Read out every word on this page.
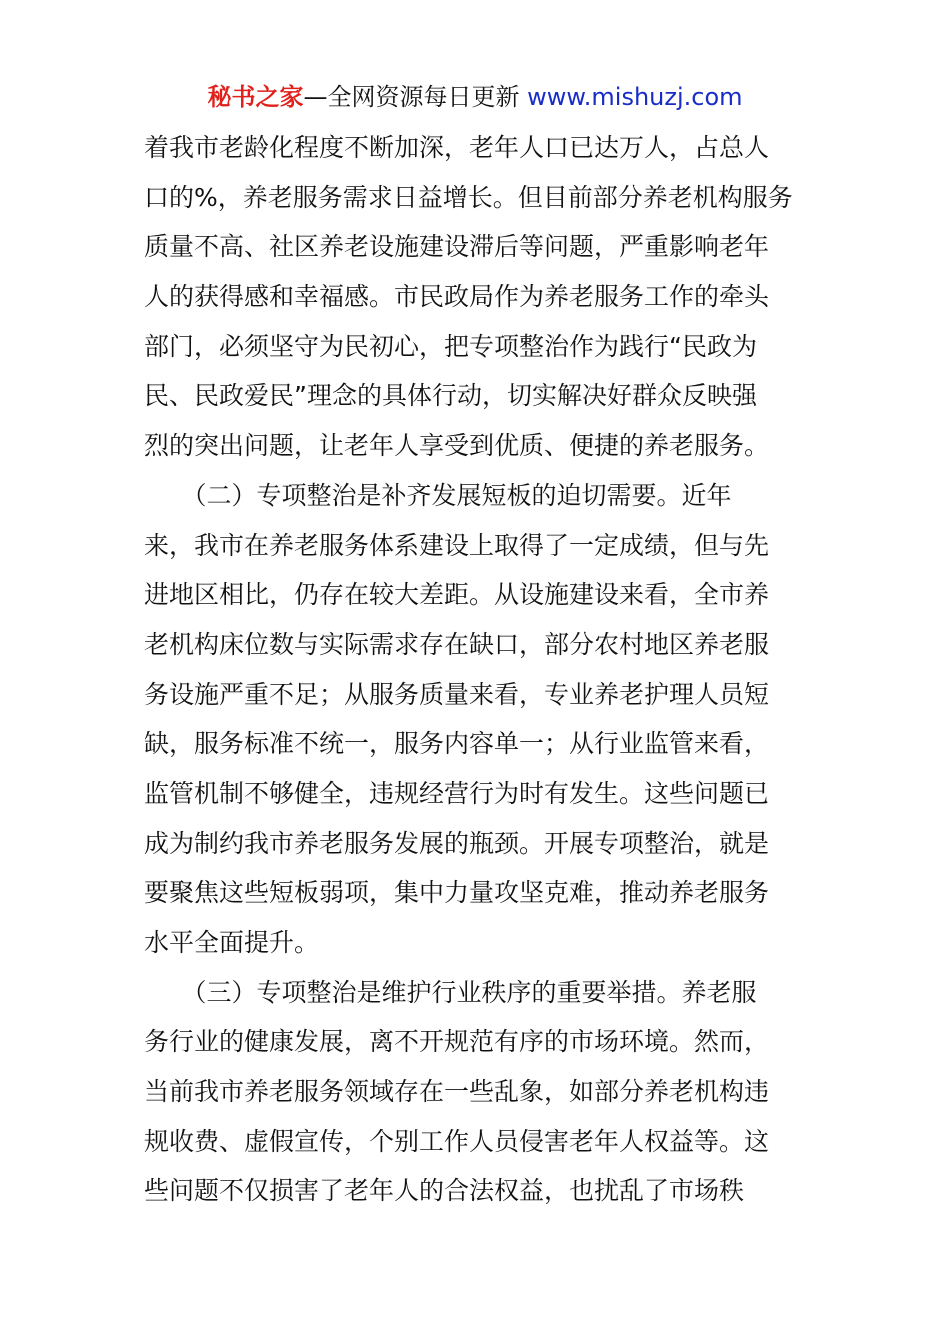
秘书之家—全网资源每日更新 www.mishuzj.com
着我市老龄化程度不断加深，老年人口已达万人，占总人
口的%，养老服务需求日益增长。但目前部分养老机构服务
质量不高、社区养老设施建设滞后等问题，严重影响老年
人的获得感和幸福感。市民政局作为养老服务工作的牵头
部门，必须坚守为民初心，把专项整治作为践行“民政为
民、民政爱民”理念的具体行动，切实解决好群众反映强
烈的突出问题，让老年人享受到优质、便捷的养老服务。
　　（二）专项整治是补齐发展短板的迫切需要。近年
来，我市在养老服务体系建设上取得了一定成绩，但与先
进地区相比，仍存在较大差距。从设施建设来看，全市养
老机构床位数与实际需求存在缺口，部分农村地区养老服
务设施严重不足；从服务质量来看，专业养老护理人员短
缺，服务标准不统一，服务内容单一；从行业监管来看，
监管机制不够健全，违规经营行为时有发生。这些问题已
成为制约我市养老服务发展的瓶颈。开展专项整治，就是
要聚焦这些短板弱项，集中力量攻坚克难，推动养老服务
水平全面提升。
　　（三）专项整治是维护行业秩序的重要举措。养老服
务行业的健康发展，离不开规范有序的市场环境。然而，
当前我市养老服务领域存在一些乱象，如部分养老机构违
规收费、虚假宣传，个别工作人员侵害老年人权益等。这
些问题不仅损害了老年人的合法权益，也扰乱了市场秩
